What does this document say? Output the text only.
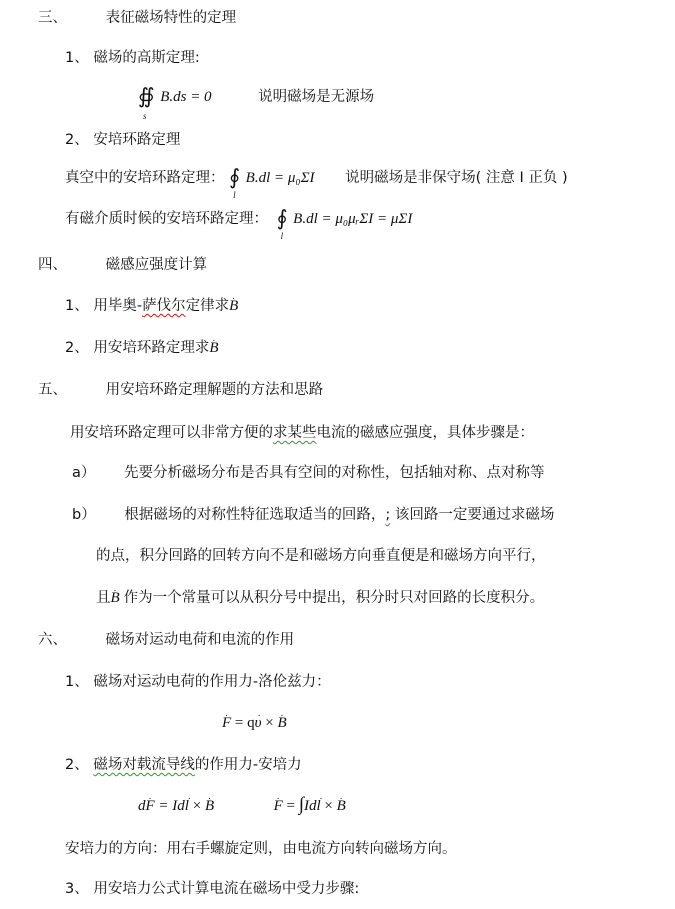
三、	表征磁场特性的定理
1、 磁场的高斯定理:
∯ B.ds = 0
s
说明磁场是无源场
2、 安培环路定理
真空中的安培环路定理： ∮
l
B.dl = μ₀ΣI 说明磁场是非保守场( 注意 I 正负 )
有磁介质时候的安培环路定理： ∮
l
B.dl = μ₀μᵣΣI = μΣI
四、	磁感应强度计算
1、 用毕奥-萨伐尔定律求․ B
2、 用安培环路定理求․ B
五、	用安培环路定理解题的方法和思路
用安培环路定理可以非常方便的求某些电流的磁感应强度，具体步骤是：
a） 先要分析磁场分布是否具有空间的对称性，包括轴对称、点对称等
b） 根据磁场的对称性特征选取适当的回路，; 该回路一定要通过求磁场
的点，积分回路的回转方向不是和磁场方向垂直便是和磁场方向平行，
且․ B 作为一个常量可以从积分号中提出，积分时只对回路的长度积分。
六、	磁场对运动电荷和电流的作用
1、 磁场对运动电荷的作用力-洛伦兹力：
․ F = q․ υ × ․ B
2、 磁场对载流导线的作用力-安培力
d․ F = Id․ l × ․ B  ․	F = ∫Id․ l × ․ B
安培力的方向：用右手螺旋定则，由电流方向转向磁场方向。
3、 用安培力公式计算电流在磁场中受力步骤:
